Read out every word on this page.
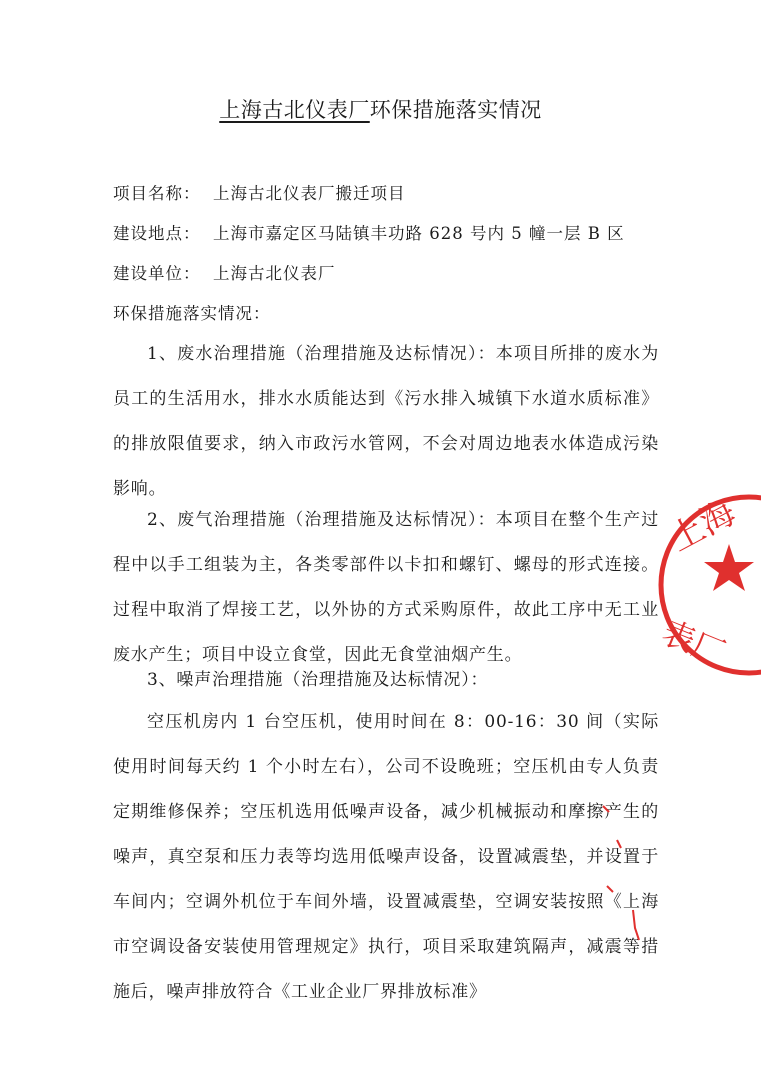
上海古北仪表厂环保措施落实情况
项目名称： 上海古北仪表厂搬迁项目
建设地点： 上海市嘉定区马陆镇丰功路 628 号内 5 幢一层 B 区
建设单位： 上海古北仪表厂
环保措施落实情况：
1、废水治理措施（治理措施及达标情况）：本项目所排的废水为员工的生活用水，排水水质能达到《污水排入城镇下水道水质标准》的排放限值要求，纳入市政污水管网，不会对周边地表水体造成污染影响。
2、废气治理措施（治理措施及达标情况）：本项目在整个生产过程中以手工组装为主，各类零部件以卡扣和螺钉、螺母的形式连接。过程中取消了焊接工艺，以外协的方式采购原件，故此工序中无工业废水产生；项目中设立食堂，因此无食堂油烟产生。
3、噪声治理措施（治理措施及达标情况）：
空压机房内 1 台空压机，使用时间在 8：00-16：30 间（实际使用时间每天约 1 个小时左右），公司不设晚班；空压机由专人负责定期维修保养；空压机选用低噪声设备，减少机械振动和摩擦产生的噪声，真空泵和压力表等均选用低噪声设备，设置减震垫，并设置于车间内；空调外机位于车间外墙，设置减震垫，空调安装按照《上海市空调设备安装使用管理规定》执行，项目采取建筑隔声，减震等措施后，噪声排放符合《工业企业厂界排放标准》
上海
表厂
